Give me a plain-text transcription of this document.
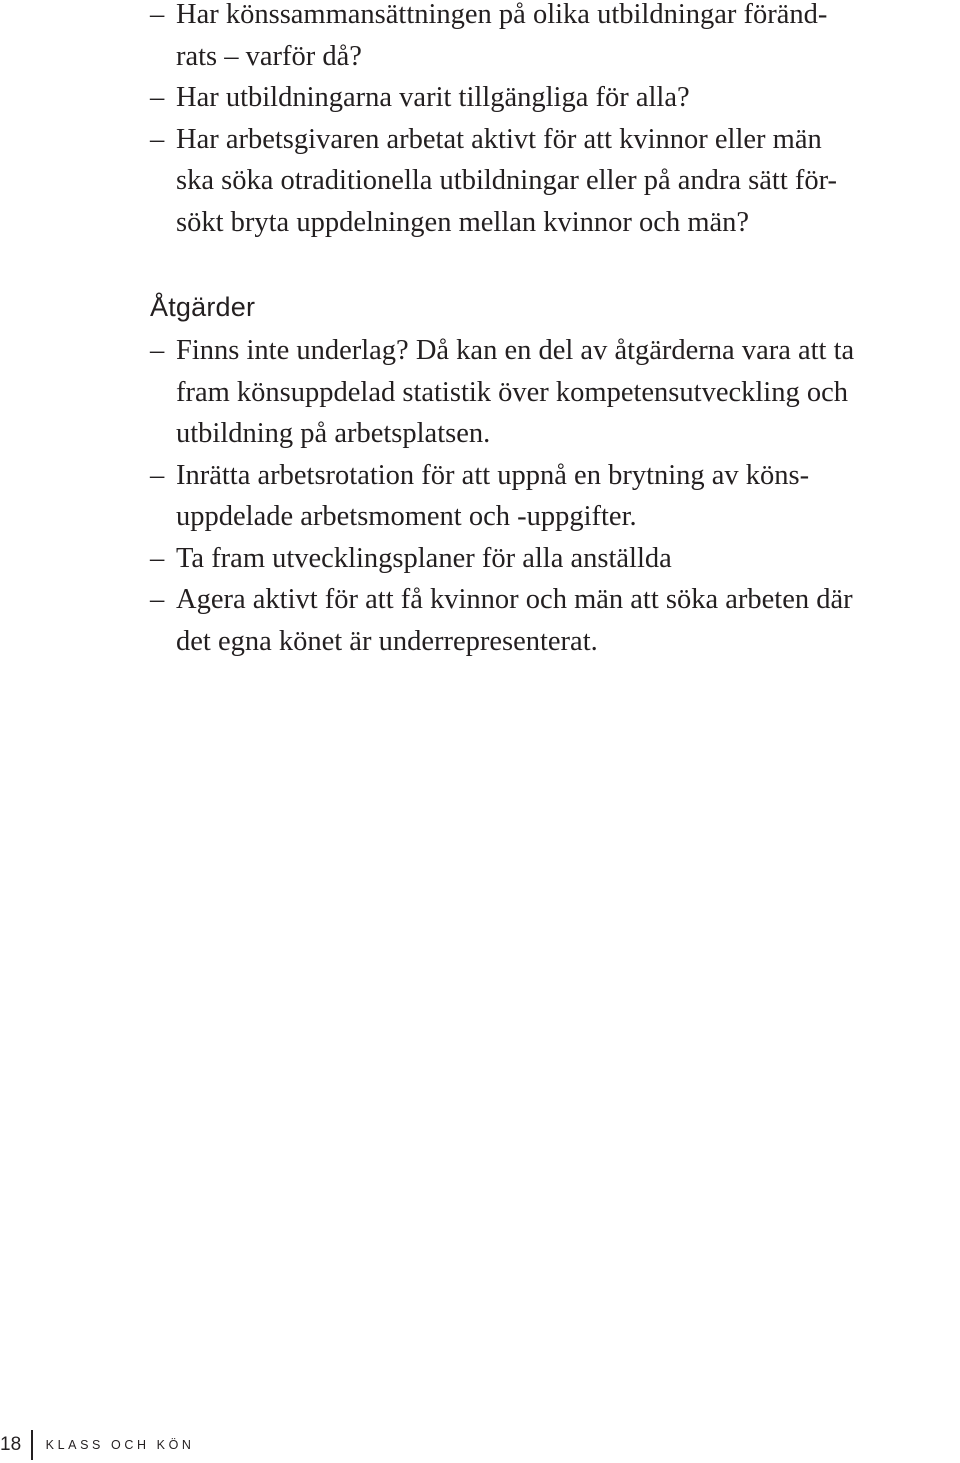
– Har könssammansättningen på olika utbildningar föränd-
rats – varför då?
– Har utbildningarna varit tillgängliga för alla?
– Har arbetsgivaren arbetat aktivt för att kvinnor eller män
ska söka otraditionella utbildningar eller på andra sätt för-
sökt bryta uppdelningen mellan kvinnor och män?
Åtgärder
– Finns inte underlag? Då kan en del av åtgärderna vara att ta
fram könsuppdelad statistik över kompetensutveckling och
utbildning på arbetsplatsen.
– Inrätta arbetsrotation för att uppnå en brytning av köns-
uppdelade arbetsmoment och -uppgifter.
– Ta fram utvecklingsplaner för alla anställda
– Agera aktivt för att få kvinnor och män att söka arbeten där
det egna könet är underrepresenterat.
18 KLASS OCH KÖN
